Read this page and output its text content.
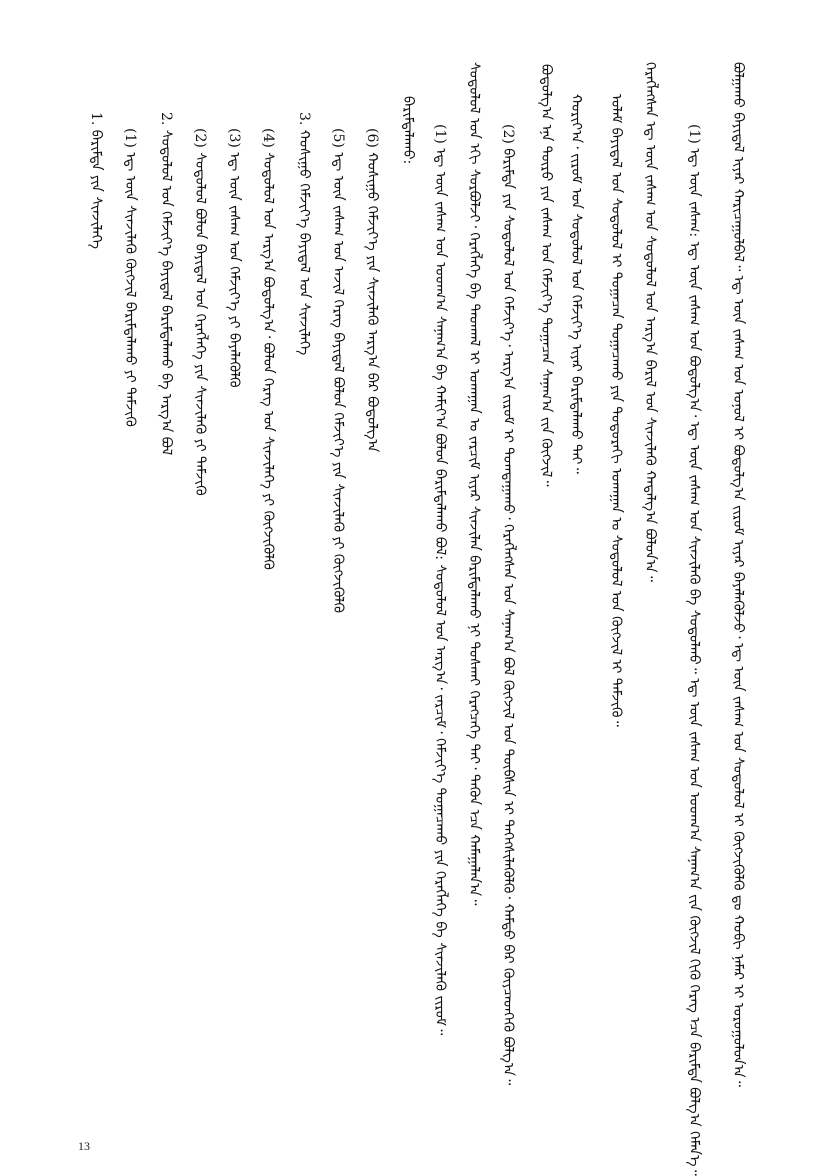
ᠪᠣᠯᠭᠠᠬᠤ ᠪᠠᠶᠢᠳᠠᠯ ᠢᠶᠠᠷ ᠬᠠᠷᠢᠴᠠᠭᠤᠯᠪᠠᠯ᠃ ᠡᠳ᠋ ᠦᠨ ᠵᠠᠰᠠᠭ ᠤᠨ ᠣᠨᠣᠯ ᠢ ᠪᠣᠳᠤᠯᠭ᠎ᠠ ᠵᠢᠷᠤᠮ ᠢᠶᠡᠷ ᠪᠡᠶᠡᠯᠡᠭᠦᠯᠵᠦ᠂ ᠡᠳ᠋ ᠦᠨ ᠵᠠᠰᠠᠭ ᠤᠨ ᠰᠤᠳᠤᠯᠤᠯ ᠢ ᠬᠥᠭᠵᠢᠭᠦᠯᠬᠦ ᠳᠤ ᠬᠤᠪᠢ ᠨᠡᠮᠡᠷ ᠢ ᠣᠷᠣᠭᠤᠯᠤᠨ᠎ᠠ᠃
ᠬᠡᠷᠡᠭᠯᠡᠭᠰᠡᠨ ᠡᠳ᠋ ᠦᠨ ᠵᠠᠰᠠᠭ ᠤᠨ ᠰᠤᠳᠤᠯᠤᠯ ᠤᠨ ᠠᠷᠭ᠎ᠠ ᠪᠠᠷᠢᠯ ᠤᠨ ᠰᠢᠨᠵᠢᠯᠡᠬᠦ ᠬᠠᠳᠠᠯᠭ᠎ᠠ ᠪᠣᠯᠤᠨ᠎ᠠ᠃ (1) ᠡᠳ᠋ ᠦᠨ ᠵᠠᠰᠠᠭ: ᠡᠳ᠋ ᠦᠨ ᠵᠠᠰᠠᠭ ᠤᠨ ᠪᠣᠳᠤᠯᠭ᠎ᠠ᠂ ᠡᠳ᠋ ᠦᠨ ᠵᠠᠰᠠᠭ ᠤᠨ ᠰᠢᠨᠵᠢᠯᠡᠬᠦ ᠪᠠ ᠰᠤᠳᠤᠯᠬᠤ᠃ ᠡᠳ᠋ ᠦᠨ ᠵᠠᠰᠠᠭ ᠤᠨ ᠤᠳᠬ᠎ᠠ ᠰᠠᠨᠠᠭ᠎ᠠ ᠵᠢᠨ ᠬᠥᠭᠵᠢᠯ ᠬᠢᠬᠦ ᠬᠡᠷᠡᠭ ᠡᠴᠡ ᠪᠠᠷᠢᠮᠲᠠ ᠪᠣᠯᠭ᠎ᠠ ᠬᠡᠮᠡᠨ᠎ᠡ᠃
ᠤᠯᠠᠮ ᠪᠠᠶᠢᠳᠠᠯ ᠤᠨ ᠰᠤᠳᠤᠯᠤᠯ ᠢ ᠲᠣᠭᠠᠴᠠᠨ ᠲᠣᠭᠠᠴᠠᠬᠤ ᠶᠢᠨ ᠳᠣᠲᠣᠷᠠᠬᠢ ᠤᠬᠠᠭᠠᠨ ᠤ ᠰᠤᠳᠤᠯᠤᠯ ᠤᠨ ᠬᠥᠭᠵᠢᠯ ᠢ ᠳᠡᠮᠵᠢᠬᠦ᠃
ᠬᠣᠷᠢᠶ᠎ᠠ᠂ ᠵᠢᠷᠤᠮ ᠤᠨ ᠰᠤᠳᠤᠯᠤᠯ ᠤᠨ ᠬᠡᠮᠵᠢᠶ᠎ᠡ ᠢᠶᠡᠷ ᠪᠠᠷᠢᠮᠲᠠᠯᠠᠬᠤ ᠲᠠᠢ᠃
ᠪᠣᠳᠤᠯᠭ᠎ᠠ ᠡᠨᠡ ᠲᠥᠷᠥ ᠶᠢᠨ ᠵᠠᠰᠠᠭ ᠤᠨ ᠬᠡᠮᠵᠢᠶ᠎ᠡ ᠲᠣᠭᠠᠴᠠᠨ ᠰᠠᠨᠠᠭ᠎ᠠ ᠵᠢᠨ ᠬᠥᠭᠵᠢᠯ᠃
(2) ᠪᠠᠷᠢᠮᠲᠠ ᠶᠢᠨ ᠰᠤᠳᠤᠯᠤᠯ ᠤᠨ ᠬᠡᠮᠵᠢᠶ᠎ᠡ᠂ ᠠᠷᠭ᠎ᠠ ᠵᠢᠷᠤᠮ ᠢ ᠲᠣᠭᠲᠠᠭᠠᠬᠤ᠂ ᠬᠡᠷᠡᠭᠯᠡᠭᠰᠡᠨ ᠤᠨ ᠰᠠᠨᠠᠭ᠎ᠠ ᠪᠣᠯ ᠬᠥᠭᠵᠢᠯ ᠤᠨ ᠲᠦᠪᠰᠢᠨ ᠢ ᠳᠡᠭᠡᠭᠰᠢᠯᠡᠭᠦᠯᠬᠦ᠂ ᠬᠠᠮᠲᠤ ᠪᠠᠷ ᠭᠦᠶᠴᠡᠳᠬᠡᠬᠦ ᠪᠣᠯᠭ᠎ᠠ᠃
ᠰᠤᠳᠤᠯᠤᠯ ᠤᠨ ᠡᠬᠢ ᠰᠤᠷᠪᠤᠯᠵᠢ᠂ ᠬᠡᠷᠡᠭᠯᠡᠭᠡ ᠪᠠ ᠳᠠᠳᠬᠠᠯ ᠢ ᠤᠬᠠᠭᠠᠨ ᠤ ᠵᠠᠷᠴᠢᠮ ᠢᠶᠡᠷ ᠰᠢᠨᠵᠢᠯᠡᠨ ᠪᠠᠷᠢᠮᠲᠠᠯᠠᠬᠤ ᠨᠢ ᠲᠤᠰᠬᠠᠢ ᠬᠡᠷᠡᠭᠴᠡᠭᠡ ᠲᠠᠢ᠂ ᠲᠡᠭᠦᠨ ᠡᠴᠡ ᠬᠠᠮᠠᠭᠠᠯᠠᠨ᠎ᠠ᠃
(1) ᠡᠳ᠋ ᠦᠨ ᠵᠠᠰᠠᠭ ᠤᠨ ᠤᠳᠬ᠎ᠠ ᠰᠠᠨᠠᠭ᠎ᠠ ᠪᠠ ᠬᠠᠮᠢᠶ᠎ᠠ ᠪᠣᠯᠤᠨ ᠪᠠᠷᠢᠮᠲᠠᠯᠠᠬᠤ ᠪᠣᠯ: ᠰᠤᠳᠤᠯᠤᠯ ᠤᠨ ᠠᠷᠭ᠎ᠠ᠂ ᠵᠠᠷᠴᠢᠮ᠂ ᠬᠡᠮᠵᠢᠶ᠎ᠡ ᠲᠣᠭᠠᠴᠠᠬᠤ ᠶᠢᠨ ᠬᠡᠷᠡᠭᠯᠡᠭᠡ ᠪᠠ ᠰᠢᠨᠵᠢᠯᠡᠬᠦ ᠵᠢᠷᠤᠮ᠃
ᠪᠠᠷᠢᠮᠲᠠᠯᠠᠬᠤ:
(6) ᠬᠣᠰᠢᠭᠤ ᠬᠡᠮᠵᠢᠶ᠎ᠡ ᠶᠢᠨ ᠰᠢᠨᠵᠢᠯᠡᠬᠦ ᠠᠷᠭ᠎ᠠ ᠪᠠᠷ ᠪᠣᠳᠤᠯᠭ᠎ᠠ
(5) ᠡᠳ᠋ ᠦᠨ ᠵᠠᠰᠠᠭ ᠤᠨ ᠠᠵᠢᠯ ᠬᠡᠷᠡᠭ ᠪᠠᠶᠢᠳᠠᠯ ᠪᠣᠯᠤᠨ ᠬᠡᠮᠵᠢᠶ᠎ᠡ ᠶᠢᠨ ᠰᠢᠨᠵᠢᠯᠡᠬᠦ ᠶᠢ ᠬᠥᠭᠵᠢᠭᠦᠯᠬᠦ
3. ᠬᠣᠰᠢᠭᠤ ᠬᠡᠮᠵᠢᠶ᠎ᠡ ᠪᠠᠶᠢᠳᠠᠯ ᠤᠨ ᠰᠢᠨᠵᠢᠯᠡᠭᠡ
(4) ᠰᠤᠳᠤᠯᠤᠯ ᠤᠨ ᠠᠷᠭ᠎ᠠ ᠪᠣᠳᠤᠯᠭ᠎ᠠ᠂ ᠪᠣᠯᠤᠨ ᠬᠡᠷᠡᠭ ᠤᠨ ᠰᠢᠨᠵᠢᠯᠡᠭᠡ ᠶᠢ ᠬᠥᠭᠵᠢᠭᠦᠯᠬᠦ
(3) ᠡᠳ᠋ ᠦᠨ ᠵᠠᠰᠠᠭ ᠤᠨ ᠬᠡᠮᠵᠢᠶ᠎ᠡ ᠶᠢ ᠪᠡᠶᠡᠯᠡᠭᠦᠯᠬᠦ
(2) ᠰᠤᠳᠤᠯᠤᠯ ᠪᠣᠯᠤᠨ ᠪᠠᠶᠢᠳᠠᠯ ᠤᠨ ᠬᠡᠷᠡᠭᠯᠡᠭᠡ ᠶᠢᠨ ᠰᠢᠨᠵᠢᠯᠡᠬᠦ ᠶᠢ ᠳᠡᠮᠵᠢᠬᠦ
2. ᠰᠤᠳᠤᠯᠤᠯ ᠤᠨ ᠬᠡᠮᠵᠢᠶ᠎ᠡ ᠪᠠᠶᠢᠳᠠᠯ ᠪᠠᠷᠢᠮᠲᠠᠯᠠᠬᠤ ᠪᠠ ᠠᠷᠭ᠎ᠠ ᠪᠣᠯ
(1) ᠡᠳ᠋ ᠦᠨ ᠰᠢᠨᠵᠢᠯᠡᠬᠦ ᠬᠥᠭᠵᠢᠯ ᠪᠠᠷᠢᠮᠲᠠᠯᠠᠬᠤ ᠶᠢ ᠳᠡᠮᠵᠢᠬᠦ
1. ᠪᠠᠷᠢᠮᠲᠠ ᠶᠢᠨ ᠰᠢᠨᠵᠢᠯᠡᠭᠡ
13
